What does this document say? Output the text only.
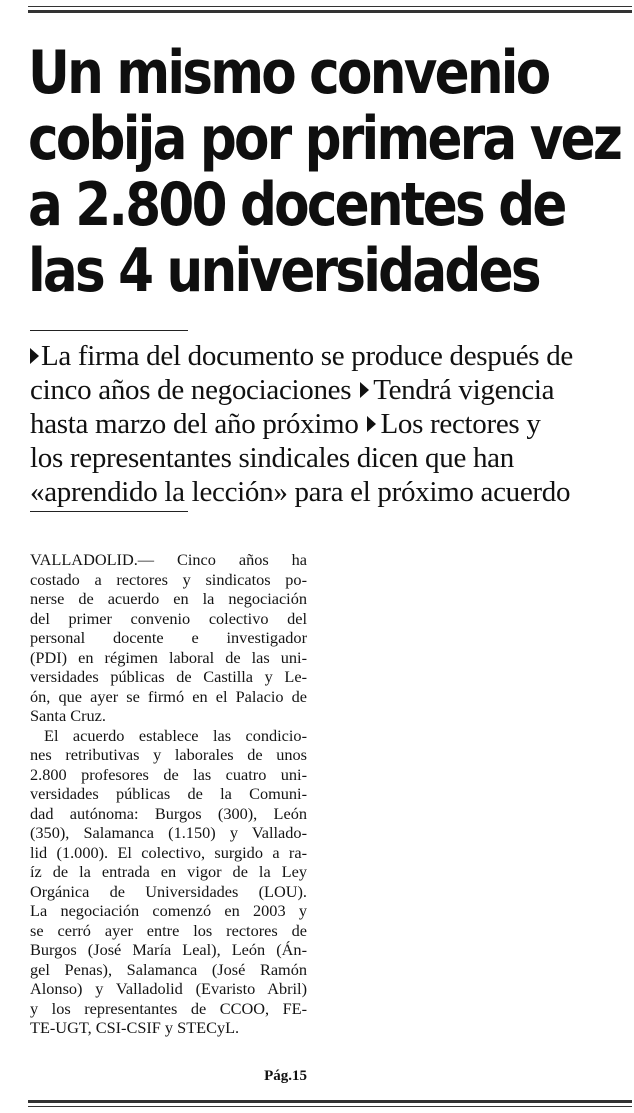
Un mismo convenio
cobija por primera vez
a 2.800 docentes de
las 4 universidades

La firma del documento se produce después de
cinco años de negociaciones Tendrá vigencia
hasta marzo del año próximo Los rectores y
los representantes sindicales dicen que han
«aprendido la lección» para el próximo acuerdo

VALLADOLID.— Cinco años ha
costado a rectores y sindicatos po-
nerse de acuerdo en la negociación
del primer convenio colectivo del
personal docente e investigador
(PDI) en régimen laboral de las uni-
versidades públicas de Castilla y Le-
ón, que ayer se firmó en el Palacio de
Santa Cruz.
El acuerdo establece las condicio-
nes retributivas y laborales de unos
2.800 profesores de las cuatro uni-
versidades públicas de la Comuni-
dad autónoma: Burgos (300), León
(350), Salamanca (1.150) y Vallado-
lid (1.000). El colectivo, surgido a ra-
íz de la entrada en vigor de la Ley
Orgánica de Universidades (LOU).
La negociación comenzó en 2003 y
se cerró ayer entre los rectores de
Burgos (José María Leal), León (Án-
gel Penas), Salamanca (José Ramón
Alonso) y Valladolid (Evaristo Abril)
y los representantes de CCOO, FE-
TE-UGT, CSI-CSIF y STECyL.
Pág.15
